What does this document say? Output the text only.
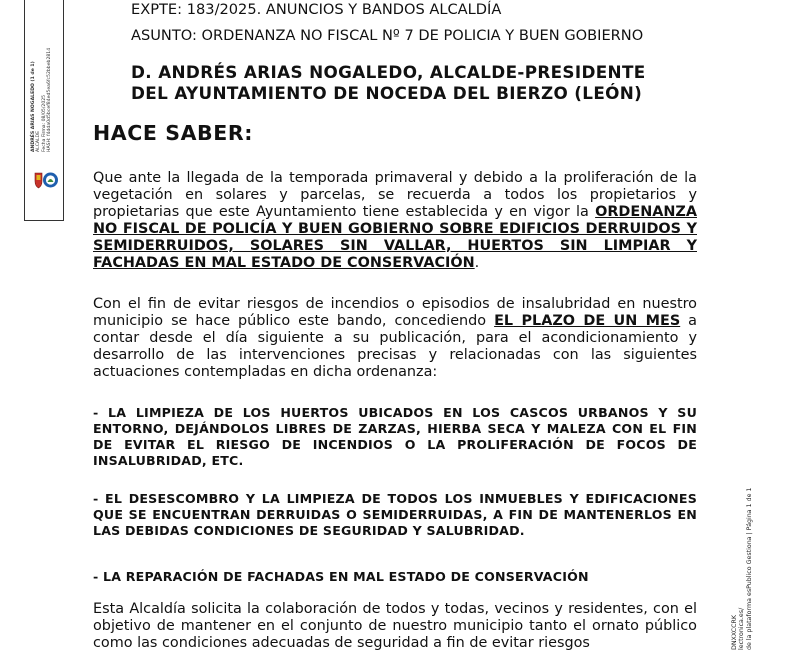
ANDRÉS ARIAS NOGALEDO (1 de 1) ALCALDE Fecha Firma: 08/05/2025 HASH: f4dda0d5bcef84ed5ea6fc52bbeb2814
DNXXCCRK lectronica.es/ de la plataforma esPublico Gestiona | Página 1 de 1
EXPTE: 183/2025. ANUNCIOS Y BANDOS ALCALDÍA
ASUNTO: ORDENANZA NO FISCAL Nº 7 DE POLICIA Y BUEN GOBIERNO
D. ANDRÉS ARIAS NOGALEDO, ALCALDE-PRESIDENTE
DEL AYUNTAMIENTO DE NOCEDA DEL BIERZO (LEÓN)
HACE SABER:

Que ante la llegada de la temporada primaveral y debido a la proliferación de la vegetación en solares y parcelas, se recuerda a todos los propietarios y propietarias que este Ayuntamiento tiene establecida y en vigor la ORDENANZA NO FISCAL DE POLICÍA Y BUEN GOBIERNO SOBRE EDIFICIOS DERRUIDOS Y SEMIDERRUIDOS, SOLARES SIN VALLAR, HUERTOS SIN LIMPIAR Y FACHADAS EN MAL ESTADO DE CONSERVACIÓN.

Con el fin de evitar riesgos de incendios o episodios de insalubridad en nuestro municipio se hace público este bando, concediendo EL PLAZO DE UN MES a contar desde el día siguiente a su publicación, para el acondicionamiento y desarrollo de las intervenciones precisas y relacionadas con las siguientes actuaciones contempladas en dicha ordenanza:

- LA LIMPIEZA DE LOS HUERTOS UBICADOS EN LOS CASCOS URBANOS Y SU ENTORNO, DEJÁNDOLOS LIBRES DE ZARZAS, HIERBA SECA Y MALEZA CON EL FIN DE EVITAR EL RIESGO DE INCENDIOS O LA PROLIFERACIÓN DE FOCOS DE INSALUBRIDAD, ETC.

- EL DESESCOMBRO Y LA LIMPIEZA DE TODOS LOS INMUEBLES Y EDIFICACIONES QUE SE ENCUENTRAN DERRUIDAS O SEMIDERRUIDAS, A FIN DE MANTENERLOS EN LAS DEBIDAS CONDICIONES DE SEGURIDAD Y SALUBRIDAD.

- LA REPARACIÓN DE FACHADAS EN MAL ESTADO DE CONSERVACIÓN

Esta Alcaldía solicita la colaboración de todos y todas, vecinos y residentes, con el objetivo de mantener en el conjunto de nuestro municipio tanto el ornato público como las condiciones adecuadas de seguridad a fin de evitar riesgos
